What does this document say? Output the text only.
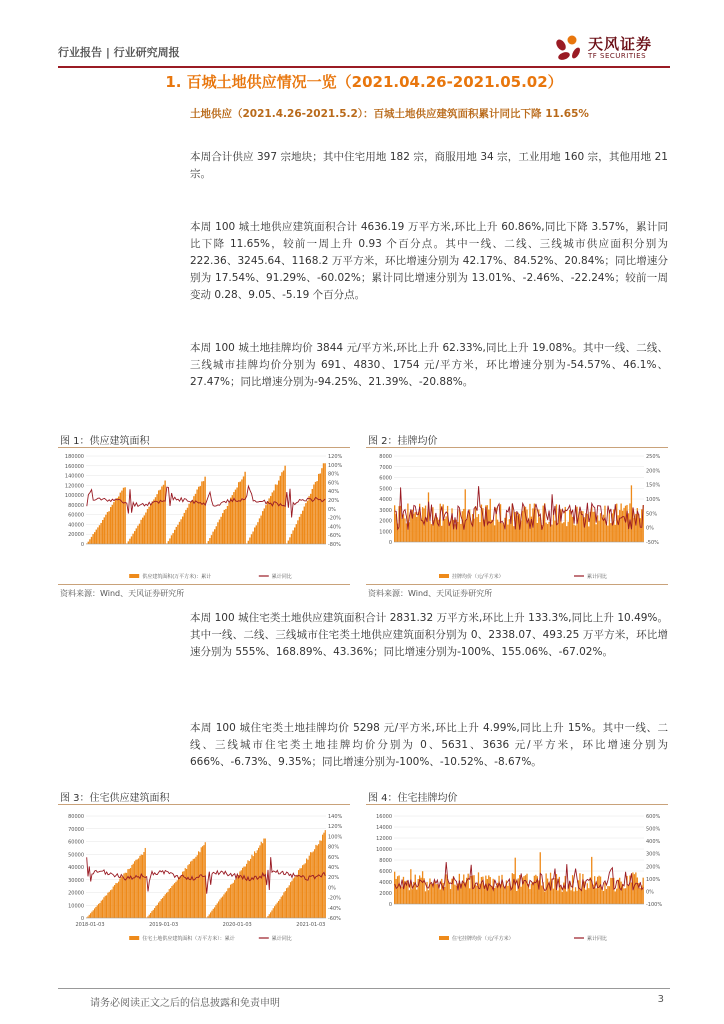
行业报告 | 行业研究周报	天风证券
TF SECURITIES
1. 百城土地供应情况一览（2021.04.26-2021.05.02）
土地供应（2021.4.26-2021.5.2）：百城土地供应建筑面积累计同比下降 11.65%
本周合计供应 397 宗地块；其中住宅用地 182 宗，商服用地 34 宗，工业用地 160 宗，其他用地 21 宗。
本周 100 城土地供应建筑面积合计 4636.19 万平方米,环比上升 60.86%,同比下降 3.57%，累计同比下降 11.65%，较前一周上升 0.93 个百分点。其中一线、二线、三线城市供应面积分别为 222.36、3245.64、1168.2 万平方米，环比增速分别为 42.17%、84.52%、20.84%；同比增速分别为 17.54%、91.29%、-60.02%；累计同比增速分别为 13.01%、-2.46%、-22.24%；较前一周变动 0.28、9.05、-5.19 个百分点。
本周 100 城土地挂牌均价 3844 元/平方米,环比上升 62.33%,同比上升 19.08%。其中一线、二线、三线城市挂牌均价分别为 691、4830、1754 元/平方米，环比增速分别为-54.57%、46.1%、27.47%；同比增速分别为-94.25%、21.39%、-20.88%。
图 1：供应建筑面积
0
20000
40000
60000
80000
100000
120000
140000
160000
180000
-80%
-60%
-40%
-20%
0%
20%
40%
60%
80%
100%
120%
供应建筑面积(万平方米)：累计	累计同比
资料来源：Wind、天风证券研究所
图 2：挂牌均价
0
1000
2000
3000
4000
5000
6000
7000
8000
-50%
0%
50%
100%
150%
200%
250%
挂牌均价（元/平方米）	累计同比
资料来源：Wind、天风证券研究所
本周 100 城住宅类土地供应建筑面积合计 2831.32 万平方米,环比上升 133.3%,同比上升 10.49%。其中一线、二线、三线城市住宅类土地供应建筑面积分别为 0、2338.07、493.25 万平方米，环比增速分别为 555%、168.89%、43.36%；同比增速分别为-100%、155.06%、-67.02%。
本周 100 城住宅类土地挂牌均价 5298 元/平方米,环比上升 4.99%,同比上升 15%。其中一线、二线、三线城市住宅类土地挂牌均价分别为 0、5631、3636 元/平方米，环比增速分别为 666%、-6.73%、9.35%；同比增速分别为-100%、-10.52%、-8.67%。
图 3：住宅供应建筑面积
0
10000
20000
30000
40000
50000
60000
70000
80000
-60%
-40%
-20%
0%
20%
40%
60%
80%
100%
120%
140%
2018-01-03	2019-01-03	2020-01-03	2021-01-03
住宅土地供应建筑面积（万平方米）：累计	累计同比
图 4：住宅挂牌均价
0
2000
4000
6000
8000
10000
12000
14000
16000
-100%
0%
100%
200%
300%
400%
500%
600%
住宅挂牌均价（元/平方米）	累计同比
请务必阅读正文之后的信息披露和免责申明	3
